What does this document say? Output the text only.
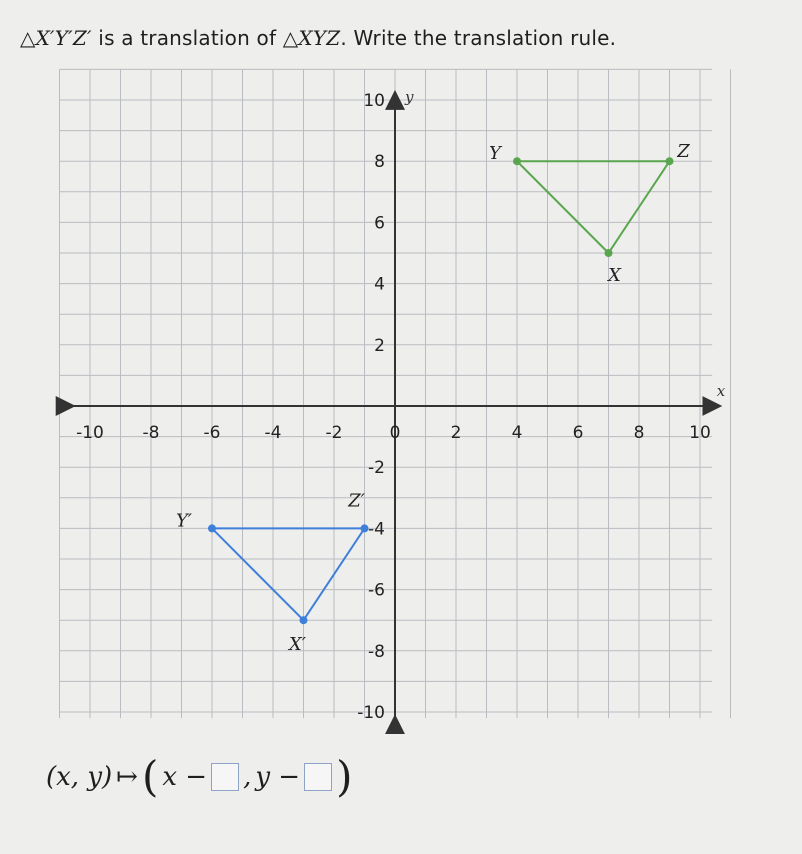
△X′Y′Z′ is a translation of △XYZ. Write the translation rule.
x
y
-10 -8	-6	-4	-2	0	2	4	6	8	10
10
8
6
4
2
-2
-4
-6
-8
-10
X
Y	Z
X′
Y′
Z′
(x, y) ↦ ( x − , y − )
